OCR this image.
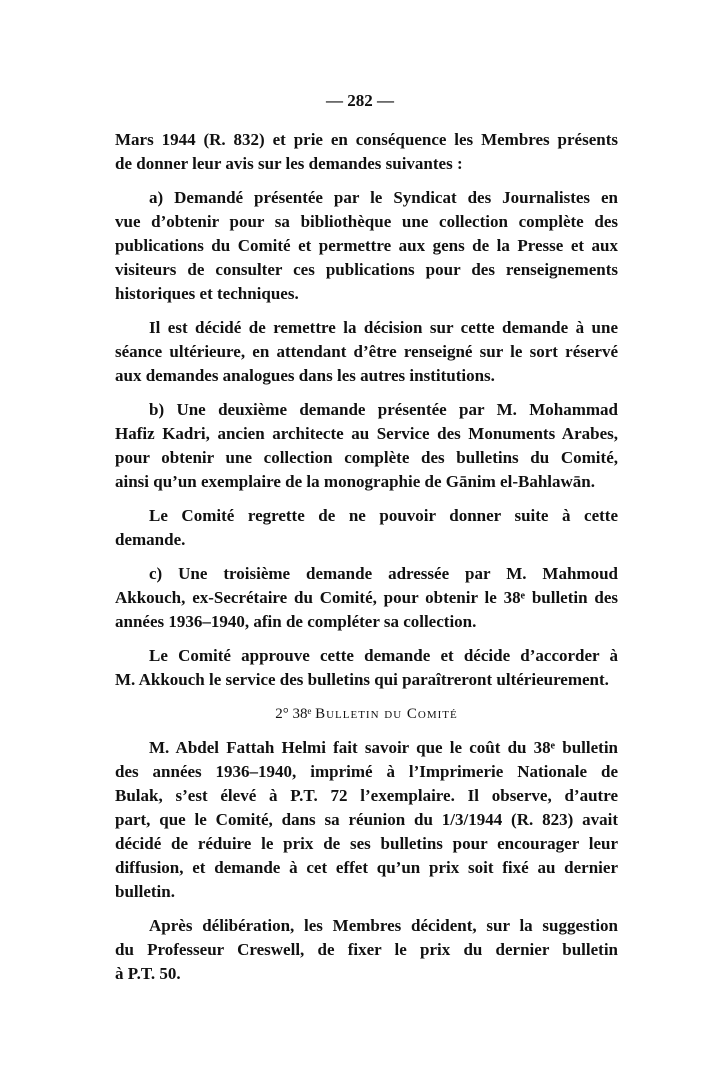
— 282 —
Mars 1944 (R. 832) et prie en conséquence les Membres présents
de donner leur avis sur les demandes suivantes :
a) Demandé présentée par le Syndicat des Journalistes en
vue d’obtenir pour sa bibliothèque une collection complète des
publications du Comité et permettre aux gens de la Presse et aux
visiteurs de consulter ces publications pour des renseignements
historiques et techniques.
Il est décidé de remettre la décision sur cette demande à une
séance ultérieure, en attendant d’être renseigné sur le sort réservé
aux demandes analogues dans les autres institutions.
b) Une deuxième demande présentée par M. Mohammad
Hafiz Kadri, ancien architecte au Service des Monuments Arabes,
pour obtenir une collection complète des bulletins du Comité,
ainsi qu’un exemplaire de la monographie de Gānim el-Bahlawān.
Le Comité regrette de ne pouvoir donner suite à cette
demande.
c) Une troisième demande adressée par M. Mahmoud
Akkouch, ex-Secrétaire du Comité, pour obtenir le 38ᵉ bulletin des
années 1936–1940, afin de compléter sa collection.
Le Comité approuve cette demande et décide d’accorder à
M. Akkouch le service des bulletins qui paraîtreront ultérieurement.
2° 38ᵉ Bulletin du Comité
M. Abdel Fattah Helmi fait savoir que le coût du 38ᵉ bulletin
des années 1936–1940, imprimé à l’Imprimerie Nationale de
Bulak, s’est élevé à P.T. 72 l’exemplaire. Il observe, d’autre
part, que le Comité, dans sa réunion du 1/3/1944 (R. 823) avait
décidé de réduire le prix de ses bulletins pour encourager leur
diffusion, et demande à cet effet qu’un prix soit fixé au dernier
bulletin.
Après délibération, les Membres décident, sur la suggestion
du Professeur Creswell, de fixer le prix du dernier bulletin
à P.T. 50.
